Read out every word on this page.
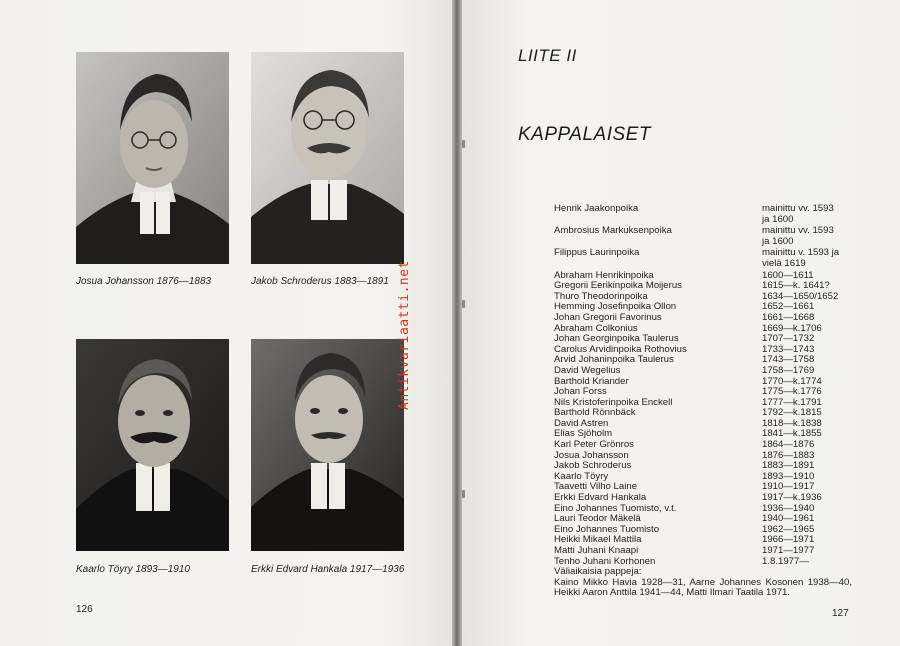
Josua Johansson 1876—1883	Jakob Schroderus 1883—1891
Kaarlo Töyry 1893—1910	Erkki Edvard Hankala 1917—1936
126
Antikvariaatti.net
LIITE II
KAPPALAISET
Henrik Jaakonpoika	mainittu vv. 1593
ja 1600
Ambrosius Markuksenpoika	mainittu vv. 1593
ja 1600
Filippus Laurinpoika	mainittu v. 1593 ja
vielä 1619
Abraham Henrikinpoika	1600—1611
Gregorii Eerikinpoika Moijerus	1615—k. 1641?
Thuro Theodorinpoika	1634—1650/1652
Hemming Josefinpoika Ollon	1652—1661
Johan Gregorii Favorinus	1661—1668
Abraham Colkonius	1669—k.1706
Johan Georginpoika Taulerus	1707—1732
Carolus Arvidinpoika Rothovius	1733—1743
Arvid Johaninpoika Taulerus	1743—1758
David Wegelius	1758—1769
Barthold Kriander	1770—k.1774
Johan Forss	1775—k.1776
Nils Kristoferinpoika Enckell	1777—k.1791
Barthold Rönnbäck	1792—k.1815
David Astren	1818—k.1838
Elias Sjöholm	1841—k.1855
Karl Peter Grönros	1864—1876
Josua Johansson	1876—1883
Jakob Schroderus	1883—1891
Kaarlo Töyry	1893—1910
Taavetti Vilho Laine	1910—1917
Erkki Edvard Hankala	1917—k.1936
Eino Johannes Tuomisto, v.t.	1936—1940
Lauri Teodor Mäkelä	1940—1961
Eino Johannes Tuomisto	1962—1965
Heikki Mikael Mattila	1966—1971
Matti Juhani Knaapi	1971—1977
Tenho Juhani Korhonen	1.8.1977—
Väliaikaisia pappeja:
Kaino Mikko Havia 1928—31, Aarne Johannes Kosonen 1938—40, Heikki Aaron Anttila 1941—44, Matti Ilmari Taatila 1971.
127
